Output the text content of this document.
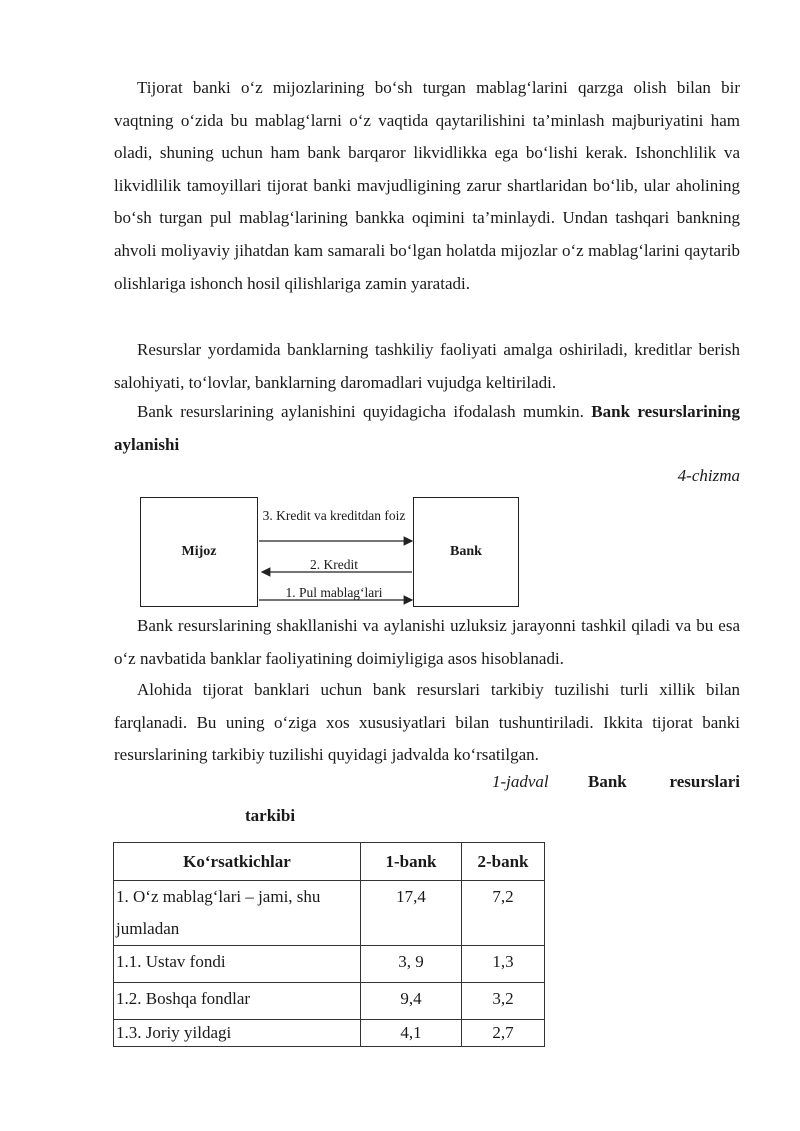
Tijorat banki o‘z mijozlarining bo‘sh turgan mablag‘larini qarzga olish bilan bir vaqtning o‘zida bu mablag‘larni o‘z vaqtida qaytarilishini ta’minlash majburiyatini ham oladi, shuning uchun ham bank barqaror likvidlikka ega bo‘lishi kerak. Ishonchlilik va likvidlilik tamoyillari tijorat banki mavjudligining zarur shartlaridan bo‘lib, ular aholining bo‘sh turgan pul mablag‘larining bankka oqimini ta’minlaydi. Undan tashqari bankning ahvoli moliyaviy jihatdan kam samarali bo‘lgan holatda mijozlar o‘z mablag‘larini qaytarib olishlariga ishonch hosil qilishlariga zamin yaratadi.

Resurslar yordamida banklarning tashkiliy faoliyati amalga oshiriladi, kreditlar berish salohiyati, to‘lovlar, banklarning daromadlari vujudga keltiriladi.

Bank resurslarining aylanishini quyidagicha ifodalash mumkin. Bank resurslarining aylanishi

4-chizma
Mijoz	Bank
3. Kredit va kreditdan foiz
2. Kredit
1. Pul mablag‘lari

Bank resurslarining shakllanishi va aylanishi uzluksiz jarayonni tashkil qiladi va bu esa o‘z navbatida banklar faoliyatining doimiyligiga asos hisoblanadi.

Alohida tijorat banklari uchun bank resurslari tarkibiy tuzilishi turli xillik bilan farqlanadi. Bu uning o‘ziga xos xususiyatlari bilan tushuntiriladi. Ikkita tijorat banki resurslarining tarkibiy tuzilishi quyidagi jadvalda ko‘rsatilgan.

1-jadval Bank resurslari
tarkibi
Ko‘rsatkichlar	1-bank	2-bank
1. O‘z mablag‘lari – jami, shu jumladan	17,4	7,2
1.1. Ustav fondi	3, 9	1,3
1.2. Boshqa fondlar	9,4	3,2
1.3. Joriy yildagi	4,1	2,7
